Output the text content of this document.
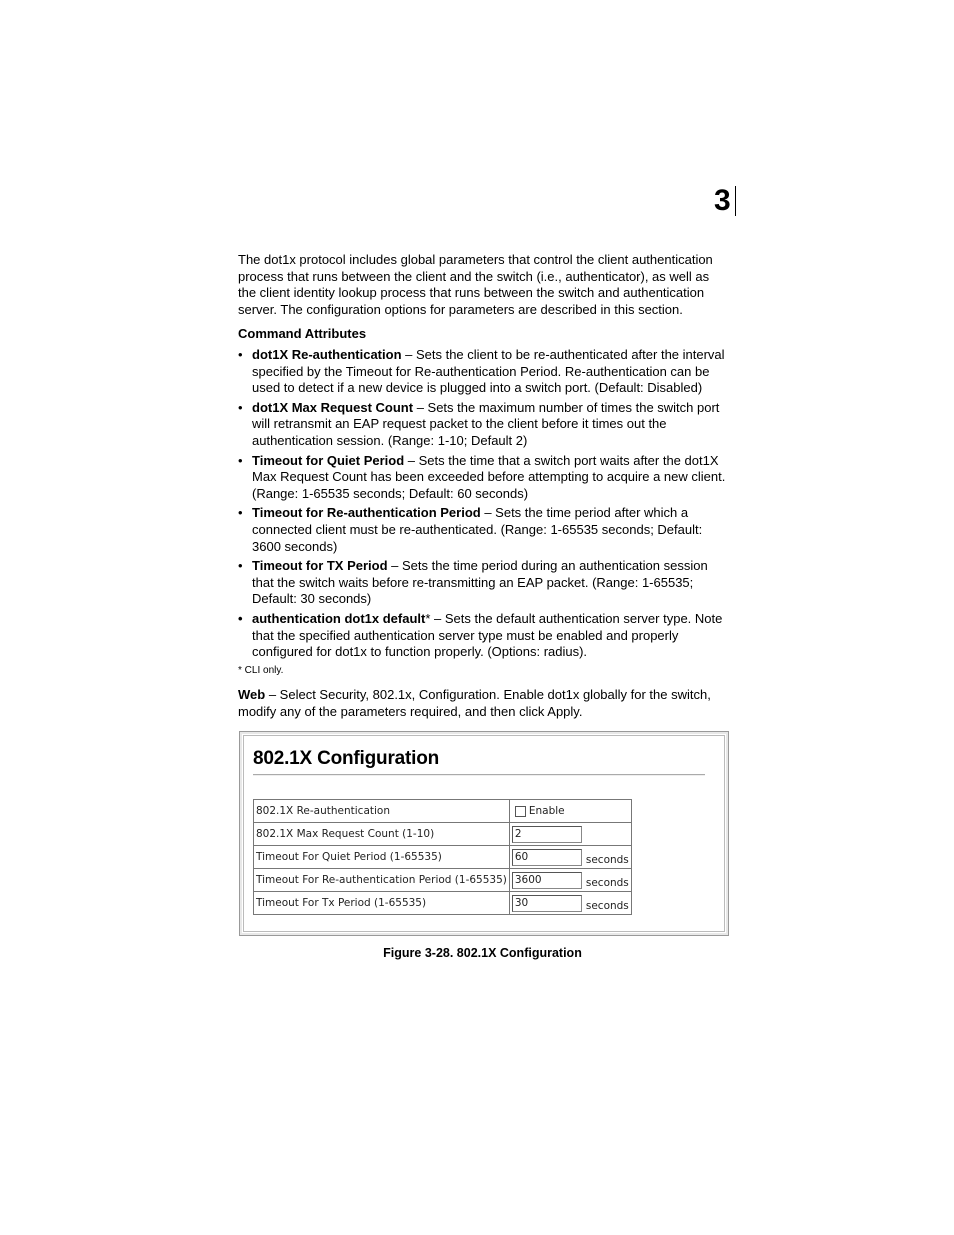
3

The dot1x protocol includes global parameters that control the client authentication process that runs between the client and the switch (i.e., authenticator), as well as the client identity lookup process that runs between the switch and authentication server. The configuration options for parameters are described in this section.

Command Attributes
• dot1X Re-authentication – Sets the client to be re-authenticated after the interval specified by the Timeout for Re-authentication Period. Re-authentication can be used to detect if a new device is plugged into a switch port. (Default: Disabled)
• dot1X Max Request Count – Sets the maximum number of times the switch port will retransmit an EAP request packet to the client before it times out the authentication session. (Range: 1-10; Default 2)
• Timeout for Quiet Period – Sets the time that a switch port waits after the dot1X Max Request Count has been exceeded before attempting to acquire a new client. (Range: 1-65535 seconds; Default: 60 seconds)
• Timeout for Re-authentication Period – Sets the time period after which a connected client must be re-authenticated. (Range: 1-65535 seconds; Default: 3600 seconds)
• Timeout for TX Period – Sets the time period during an authentication session that the switch waits before re-transmitting an EAP packet. (Range: 1-65535; Default: 30 seconds)
• authentication dot1x default* – Sets the default authentication server type. Note that the specified authentication server type must be enabled and properly configured for dot1x to function properly. (Options: radius).
* CLI only.

Web – Select Security, 802.1x, Configuration. Enable dot1x globally for the switch, modify any of the parameters required, and then click Apply.

802.1X Configuration
802.1X Re-authentication	Enable
802.1X Max Request Count (1-10)	2
Timeout For Quiet Period (1-65535)	60 seconds
Timeout For Re-authentication Period (1-65535)	3600 seconds
Timeout For Tx Period (1-65535)	30 seconds
Figure 3-28. 802.1X Configuration
